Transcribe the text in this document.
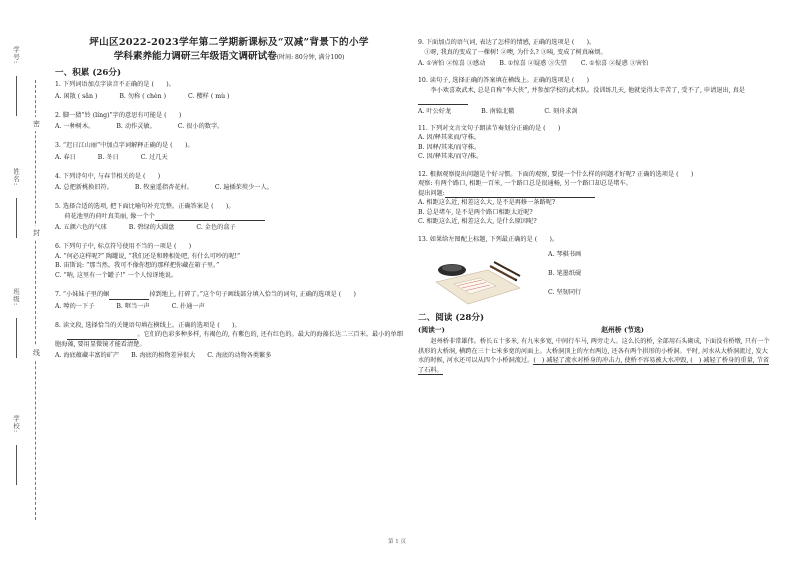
学号:
姓名:
班级:
学校:
密
封
线
坪山区2022-2023学年第二学期新课标及“双减”背景下的小学
学科素养能力调研三年级语文调研试卷(时间: 80分钟, 满分100)
一、积累 (26分)
1. 下列词语加点字读音不正确的是 (　　)。
A. 闲散 ( sǎn )	B. 勿称 ( chèn )	C. 樱样 ( mù )
2. 脚一猜“铃 (líng)”字的意思有可能是 (　　)
A. 一种树木。	B. 动作灵敏。	C. 很小的数字。
3. “迟日江山丽”中加点字词解释正确的是 (　　)。
A. 春日	B. 冬日	C. 过几天
4. 下列诗句中, 与春节相关的是 (　　)
A. 总把新桃换旧符。	B. 牧童遥指杏花村。	C. 遍插茱萸少一人。
5. 选择合适的选项, 把下面比喻句补充完整。正确答案是 (　　)。
荷花池里的荷叶真美丽, 像一个个
A. 五颜六色的气球	B. 碧绿的大圆盘	C. 金色的盒子
6. 下列句子中, 标点符号使用不当的一项是 (　　)
A. “何必这样呢?” 陶罐说, “我们还是和睦相处吧, 有什么可吵的呢!”
B. 宙斯说: “那当然。我可不像你想的那样把你藏在箱子里。”
C. “呐, 这里有一个罐子!” 一个人惊讶地说。
7. “小妹妹子里的蛔	掉到地上, 打碎了。”这个句子画线部分填入恰当的词句, 正确的选项是 (　　)
A. 嘡的一下子	B. 哐当一声	C. 扑通一声
8. 读文段, 选择恰当的关键语句填在横线上。正确的选项是 (　　)。
。它们的色彩多种多样, 有褐色的, 有紫色的, 还有红色的。最大的海藻长达二三百米。最小的单细胞海藻, 要用显微镜才能看清楚。
A. 海底蕴藏丰富的矿产 B. 海底的植物差异很大 C. 海底的动物各类繁多
9. 下面加点的语气词, 表达了怎样的情感, 正确的选项是 (　　)。
①呀, 我真的变成了一棵树! ②噢, 为什么? ③咦, 变成了树真麻烦。
A. ①害怕 ②惊喜 ③感动 B. ①惊喜 ②疑惑 ③失望 C. ①惊喜 ②疑惑 ③害怕
10. 读句子, 选择正确的答案填在横线上。正确的选项是 (　　)
李小欢喜欢武术, 总是自称“李大侠”, 并参加学校的武术队。没训练几天, 他就觉得太辛苦了, 受不了, 申请退出, 真是
A. 叶公好龙	B. 南辕北辙	C. 刻舟求剑
11. 下列对文言文句子朗读节奏划分正确的是 (　　)
A. 因/释其来而/守株。
B. 因释/其来/而守株。
C. 因/释其来/而守/株。
12. 根据观察提出问题是个好习惯。下面的观察, 要提一个什么样的问题才好呢? 正确的选项是 (　　)
观察: 有两个路口, 相距一百米, 一个路口总是很通畅, 另一个路口却总是堵车。
提出问题:
A. 相距这么近, 相差这么大, 是不是再修一条路呢?
B. 总是堵车, 是不是两个路口相距太近呢?
C. 相距这么近, 相差这么大, 是什么原因呢?
13. 如果给左图配上标题, 下列最正确的是 (　　)。
A. 琴棋书画
B. 笔墨纸砚
C. 坚韧同行
二、阅读 (28分)
(阅读一)	赵州桥 (节选)
赵州桥非常雄伟。桥长五十多米, 有九米多宽, 中间行车马, 两旁走人。这么长的桥, 全部用石头砌成, 下面没有桥墩, 只有一个拱形的大桥洞, 横跨在三十七米多宽的河面上。大桥洞顶上的左右两边, 还各有两个拱形的小桥洞。平时, 河水从大桥洞流过, 发大水的时候, 河水还可以从四个小桥洞流过。(　) 减轻了流水对桥身的冲击力, 使桥不容易被大水冲毁, (　) 减轻了桥身的重量, 节省了石料。
第 1 页
